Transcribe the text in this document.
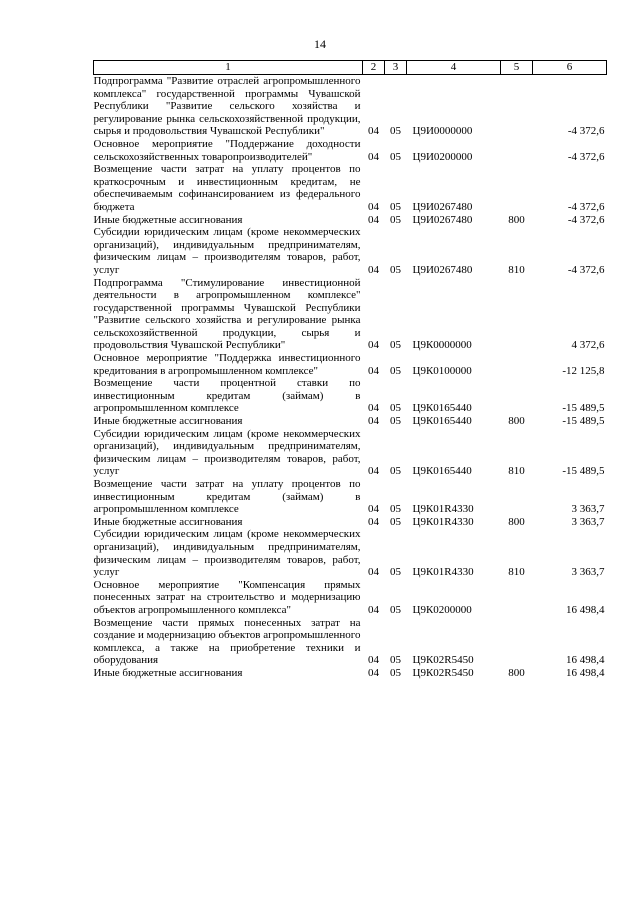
14
1	2	3	4	5	6
Подпрограмма "Развитие отраслей агропромышленного комплекса" государственной программы Чувашской Республики "Развитие сельского хозяйства и регулирование рынка сельскохозяйственной продукции, сырья и продовольствия Чувашской Республики"	04	05	Ц9И0000000		-4 372,6
Основное мероприятие "Поддержание доходности сельскохозяйственных товаропроизводителей"	04	05	Ц9И0200000		-4 372,6
Возмещение части затрат на уплату процентов по краткосрочным и инвестиционным кредитам, не обеспечиваемым софинансированием из федерального бюджета	04	05	Ц9И0267480		-4 372,6
Иные бюджетные ассигнования	04	05	Ц9И0267480	800	-4 372,6
Субсидии юридическим лицам (кроме некоммерческих организаций), индивидуальным предпринимателям, физическим лицам – производителям товаров, работ, услуг	04	05	Ц9И0267480	810	-4 372,6
Подпрограмма "Стимулирование инвестиционной деятельности в агропромышленном комплексе" государственной программы Чувашской Республики "Развитие сельского хозяйства и регулирование рынка сельскохозяйственной продукции, сырья и продовольствия Чувашской Республики"	04	05	Ц9К0000000		4 372,6
Основное мероприятие "Поддержка инвестиционного кредитования в агропромышленном комплексе"	04	05	Ц9К0100000		-12 125,8
Возмещение части процентной ставки по инвестиционным кредитам (займам) в агропромышленном комплексе	04	05	Ц9К0165440		-15 489,5
Иные бюджетные ассигнования	04	05	Ц9К0165440	800	-15 489,5
Субсидии юридическим лицам (кроме некоммерческих организаций), индивидуальным предпринимателям, физическим лицам – производителям товаров, работ, услуг	04	05	Ц9К0165440	810	-15 489,5
Возмещение части затрат на уплату процентов по инвестиционным кредитам (займам) в агропромышленном комплексе	04	05	Ц9К01R4330		3 363,7
Иные бюджетные ассигнования	04	05	Ц9К01R4330	800	3 363,7
Субсидии юридическим лицам (кроме некоммерческих организаций), индивидуальным предпринимателям, физическим лицам – производителям товаров, работ, услуг	04	05	Ц9К01R4330	810	3 363,7
Основное мероприятие "Компенсация прямых понесенных затрат на строительство и модернизацию объектов агропромышленного комплекса"	04	05	Ц9К0200000		16 498,4
Возмещение части прямых понесенных затрат на создание и модернизацию объектов агропромышленного комплекса, а также на приобретение техники и оборудования	04	05	Ц9К02R5450		16 498,4
Иные бюджетные ассигнования	04	05	Ц9К02R5450	800	16 498,4
